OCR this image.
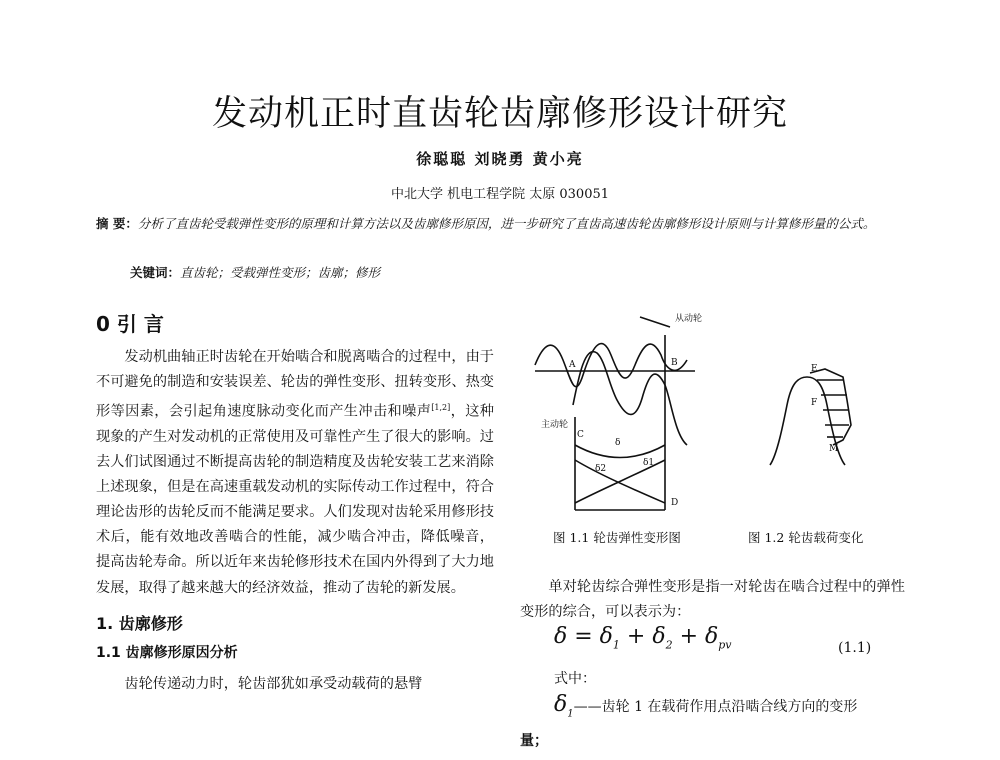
发动机正时直齿轮齿廓修形设计研究
徐聪聪 刘晓勇 黄小亮
中北大学 机电工程学院 太原 030051
摘 要：分析了直齿轮受载弹性变形的原理和计算方法以及齿廓修形原因，进一步研究了直齿高速齿轮齿廓修形设计原则与计算修形量的公式。
关键词：直齿轮；受载弹性变形；齿廓；修形
0 引 言

发动机曲轴正时齿轮在开始啮合和脱离啮合的过程中，由于不可避免的制造和安装误差、轮齿的弹性变形、扭转变形、热变形等因素，会引起角速度脉动变化而产生冲击和噪声[1,2]，这种现象的产生对发动机的正常使用及可靠性产生了很大的影响。过去人们试图通过不断提高齿轮的制造精度及齿轮安装工艺来消除上述现象，但是在高速重载发动机的实际传动工作过程中，符合理论齿形的齿轮反而不能满足要求。人们发现对齿轮采用修形技术后，能有效地改善啮合的性能，减少啮合冲击，降低噪音， 提高齿轮寿命。所以近年来齿轮修形技术在国内外得到了大力地发展，取得了越来越大的经济效益，推动了齿轮的新发展。

1. 齿廓修形
1.1 齿廓修形原因分析

齿轮传递动力时，轮齿部犹如承受动载荷的悬臂

从动轮
主动轮
A	B
C
D
δ
δ1
δ2
E
F
M
图 1.1 轮齿弹性变形图	图 1.2 轮齿载荷变化

单对轮齿综合弹性变形是指一对轮齿在啮合过程中的弹性变形的综合，可以表示为：

$\delta = \delta_1 + \delta_2 + \delta_{pv}$	(1.1)
式中：
$\delta_1——$齿轮 1 在载荷作用点沿啮合线方向的变形
量；
